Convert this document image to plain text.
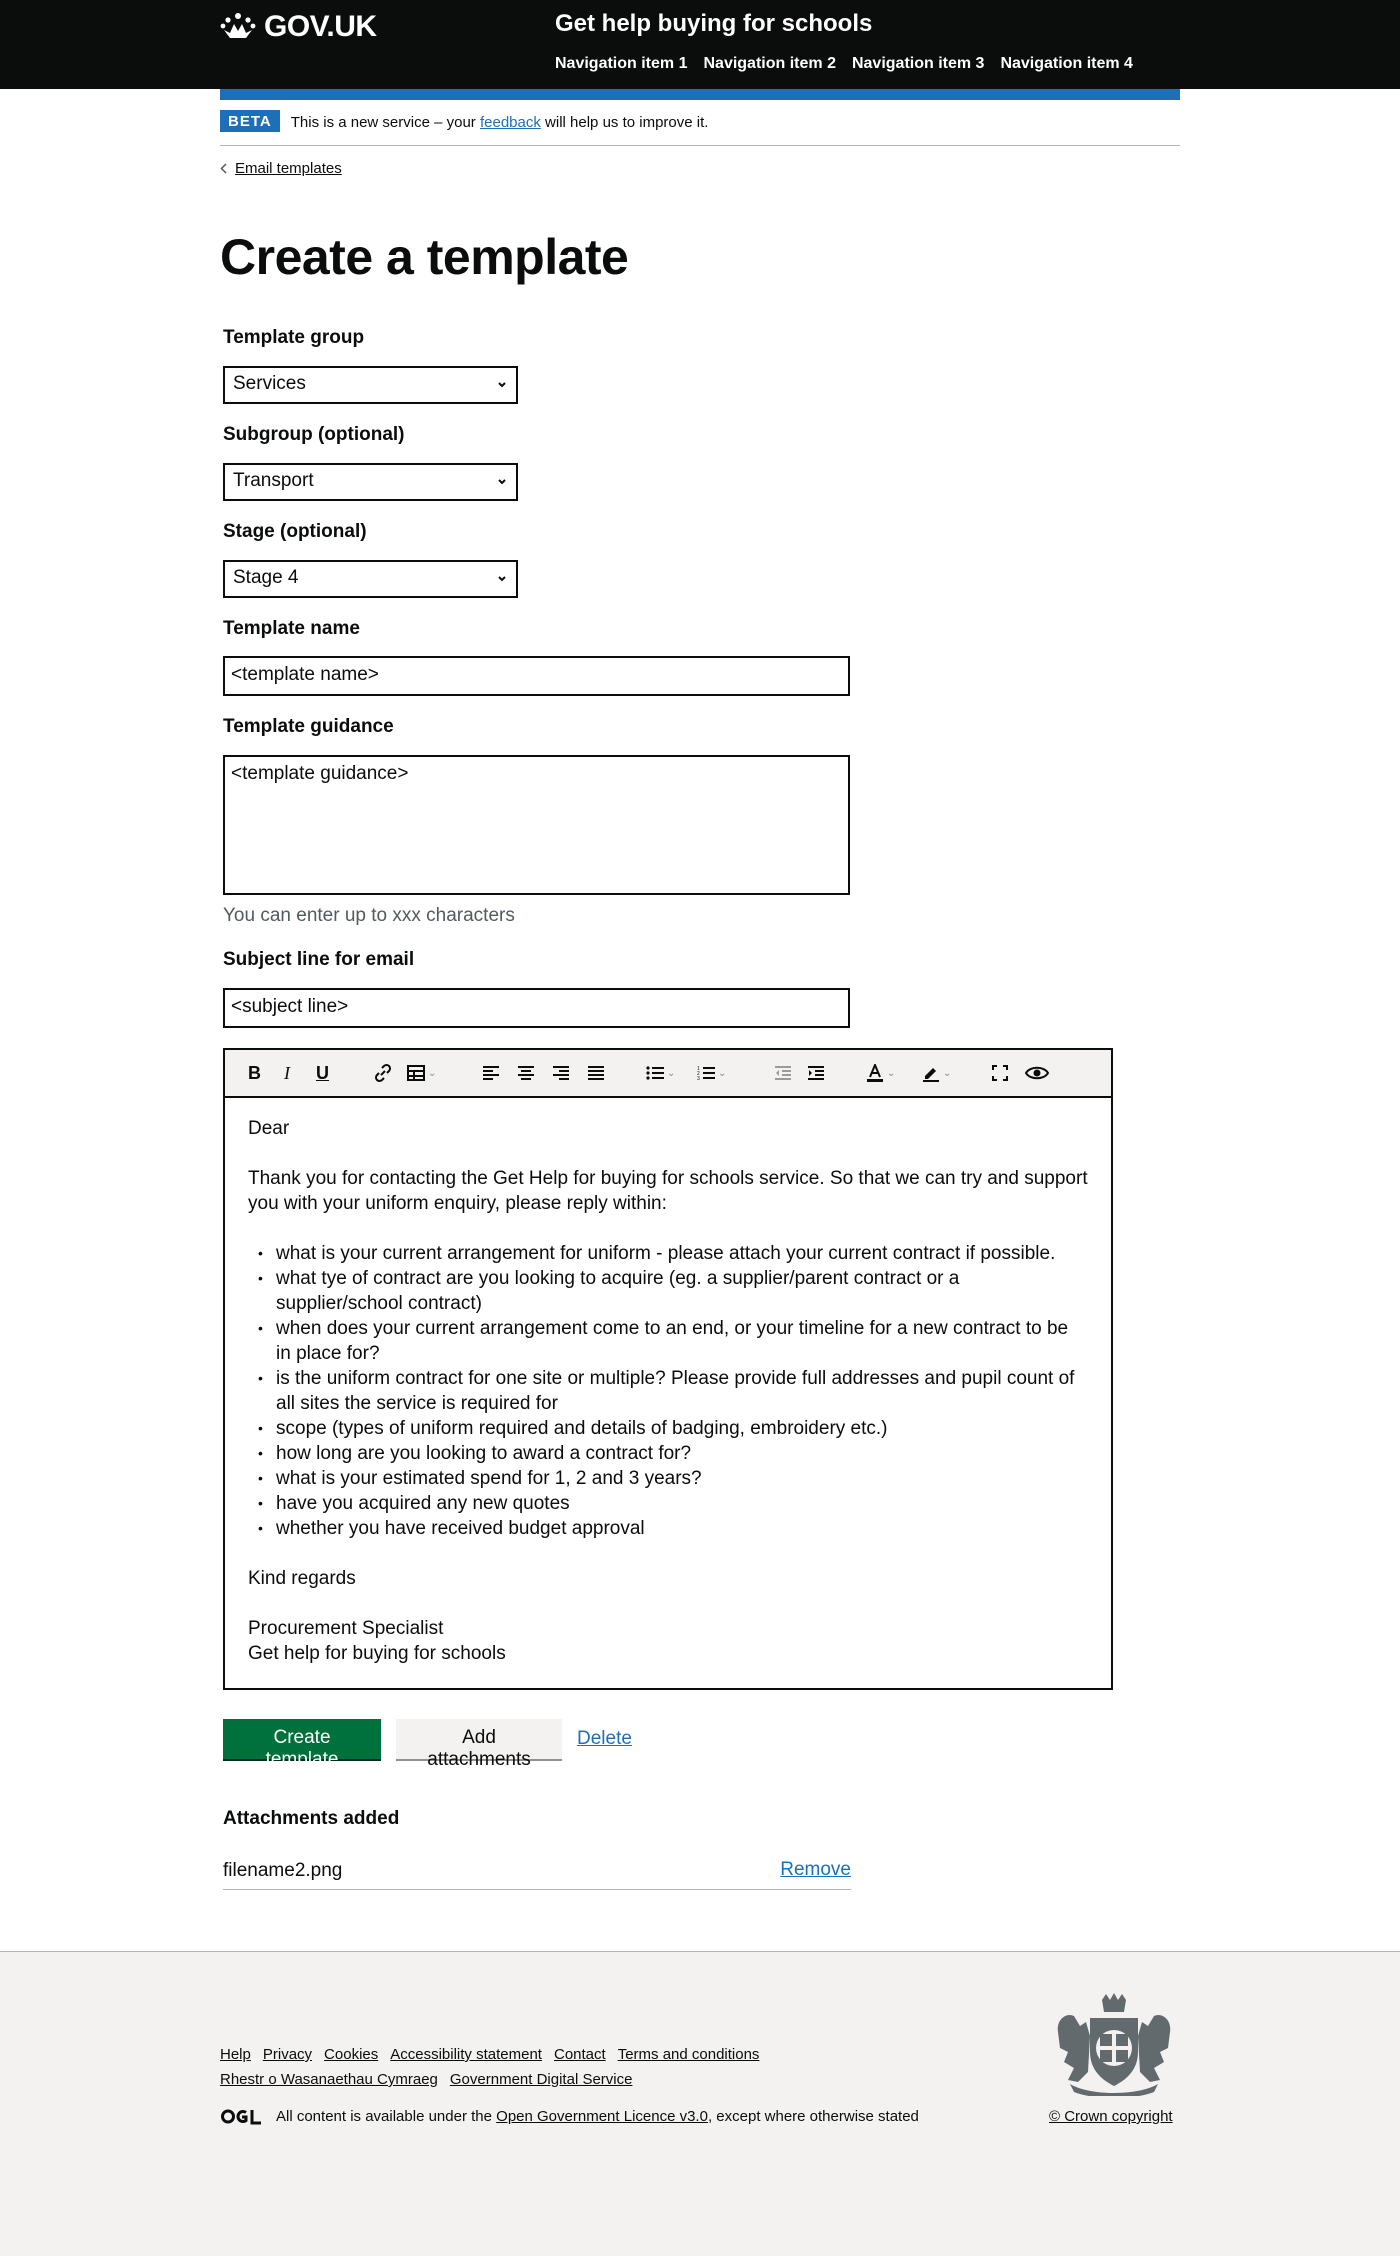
GOV.UK	Get help buying for schools
Navigation item 1 Navigation item 2 Navigation item 3 Navigation item 4
BETA	This is a new service – your feedback will help us to improve it.
Email templates
Create a template
Template group
Services
Subgroup (optional)
Transport
Stage (optional)
Stage 4
Template name
<template name>
Template guidance
<template guidance>
You can enter up to xxx characters
Subject line for email
<subject line>
B I U	⌄	⌄	1
2
3
⌄	⌄	⌄

Dear

Thank you for contacting the Get Help for buying for schools service. So that we can try and support you with your uniform enquiry, please reply within:

• what is your current arrangement for uniform - please attach your current contract if possible.
• what tye of contract are you looking to acquire (eg. a supplier/parent contract or a supplier/school contract)
• when does your current arrangement come to an end, or your timeline for a new contract to be in place for?
• is the uniform contract for one site or multiple? Please provide full addresses and pupil count of all sites the service is required for
• scope (types of uniform required and details of badging, embroidery etc.)
• how long are you looking to award a contract for?
• what is your estimated spend for 1, 2 and 3 years?
• have you acquired any new quotes
• whether you have received budget approval

Kind regards

Procurement Specialist
Get help for buying for schools
Create template
Add attachments
Delete
Attachments added
filename2.png	Remove
Help Privacy Cookies Accessibility statement Contact Terms and conditions
Rhestr o Wasanaethau Cymraeg Government Digital Service
All content is available under the Open Government Licence v3.0, except where otherwise stated	© Crown copyright
